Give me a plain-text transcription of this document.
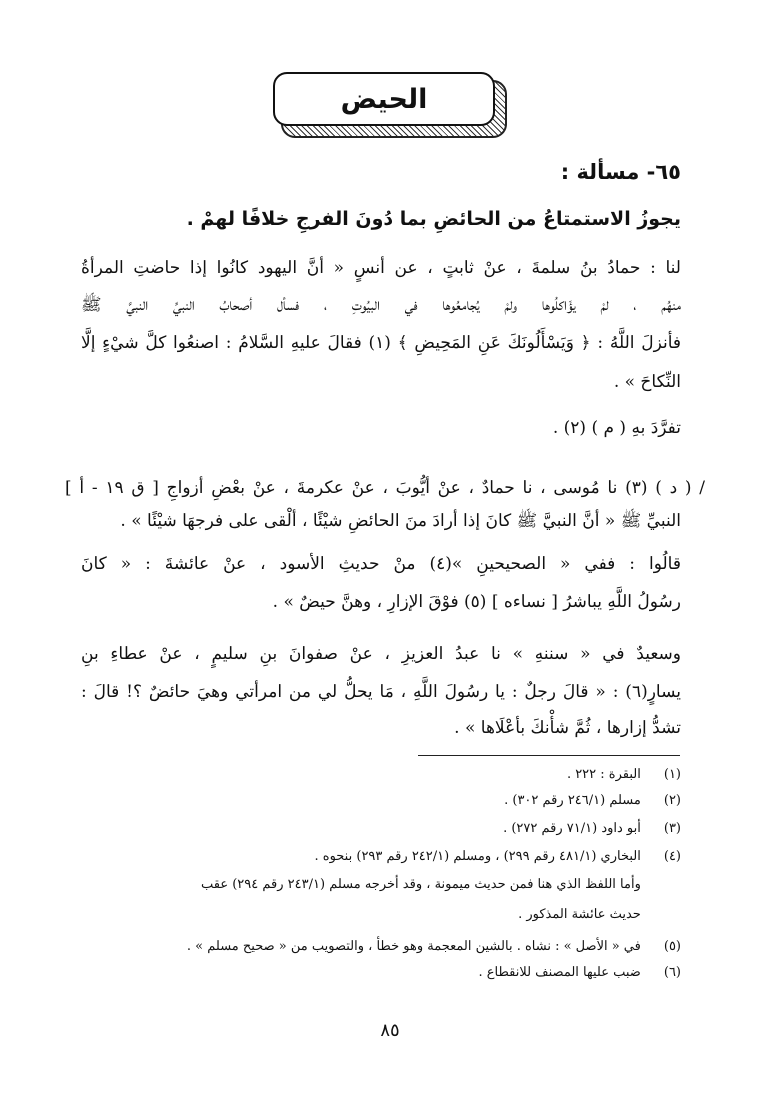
الحيض
٦٥- مسألة :
يجوزُ الاستمتاعُ من الحائضِ بما دُونَ الفرجِ خلافًا لهمْ .
لنا : حمادُ بنُ سلمةَ ، عنْ ثابتٍ ، عن أنسٍ « أنَّ اليهود كانُوا إذا حاضتِ المرأةُ
منهُم ، لمْ يؤَاكلُوها ولمْ يُجامعُوها في البيُوتِ ، فسأل أصحابُ النبيِّ النبيَّ ﷺ
فأنزلَ اللَّهُ : ﴿ وَيَسْأَلُونَكَ عَنِ المَحِيضِ ﴾ (١) فقالَ عليهِ السَّلامُ : اصنعُوا كلَّ شيْءٍ إلَّا
النِّكاحَ » .
تفرَّدَ بهِ ( م ) (٢) .
/ ( د ) (٣) نا مُوسى ، نا حمادٌ ، عنْ أيُّوبَ ، عنْ عكرمةَ ، عنْ بعْضِ أزواجِ [ ق ١٩ - أ ]
النبيِّ ﷺ « أنَّ النبيَّ ﷺ كانَ إذا أرادَ منَ الحائضِ شيْئًا ، ألْقى على فرجهَا شيْئًا » .
قالُوا : ففي « الصحيحينِ »(٤) منْ حديثِ الأسود ، عنْ عائشةَ : « كانَ
رسُولُ اللَّهِ يباشرُ [ نساءه ] (٥) فوْقَ الإزارِ ، وهنَّ حيضٌ » .
وسعيدٌ في « سننهِ » نا عبدُ العزيزِ ، عنْ صفوانَ بنِ سليمٍ ، عنْ عطاءِ بنِ
يسارٍ(٦) : « قالَ رجلٌ : يا رسُولَ اللَّهِ ، مَا يحلُّ لي من امرأتي وهيَ حائضٌ ؟! قالَ :
تشدُّ إزارها ، ثُمَّ شأْنكَ بأعْلَاها » .
(١) البقرة : ٢٢٢ .
(٢) مسلم (٢٤٦/١ رقم ٣٠٢) .
(٣) أبو داود (٧١/١ رقم ٢٧٢) .
(٤) البخاري (٤٨١/١ رقم ٢٩٩) ، ومسلم (٢٤٢/١ رقم ٢٩٣) بنحوه .
وأما اللفظ الذي هنا فمن حديث ميمونة ، وقد أخرجه مسلم (٢٤٣/١ رقم ٢٩٤) عقب
حديث عائشة المذكور .
(٥) في « الأصل » : نشاه . بالشين المعجمة وهو خطأ ، والتصويب من « صحيح مسلم » .
(٦) ضبب عليها المصنف للانقطاع .
٨٥
